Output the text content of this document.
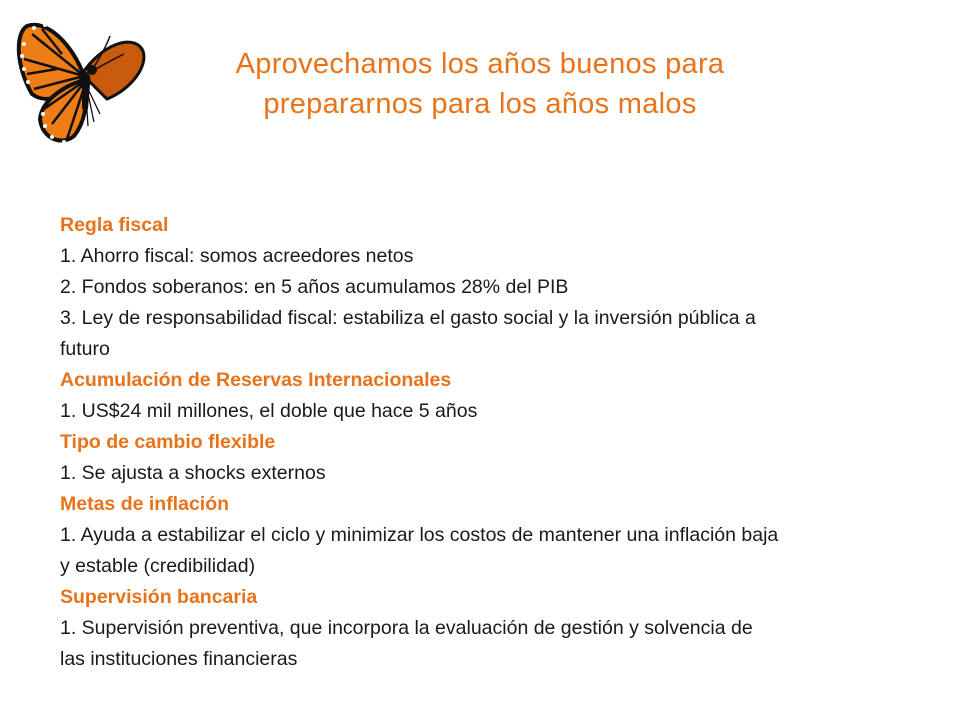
Aprovechamos los años buenos para
prepararnos para los años malos

Regla fiscal

1. Ahorro fiscal: somos acreedores netos

2. Fondos soberanos: en 5 años acumulamos 28% del PIB

3. Ley de responsabilidad fiscal: estabiliza el gasto social y la inversión pública a futuro

Acumulación de Reservas Internacionales

1. US$24 mil millones, el doble que hace 5 años

Tipo de cambio flexible

1. Se ajusta a shocks externos

Metas de inflación

1. Ayuda a estabilizar el ciclo y minimizar los costos de mantener una inflación baja y estable (credibilidad)

Supervisión bancaria

1. Supervisión preventiva, que incorpora la evaluación de gestión y solvencia de las instituciones financieras
